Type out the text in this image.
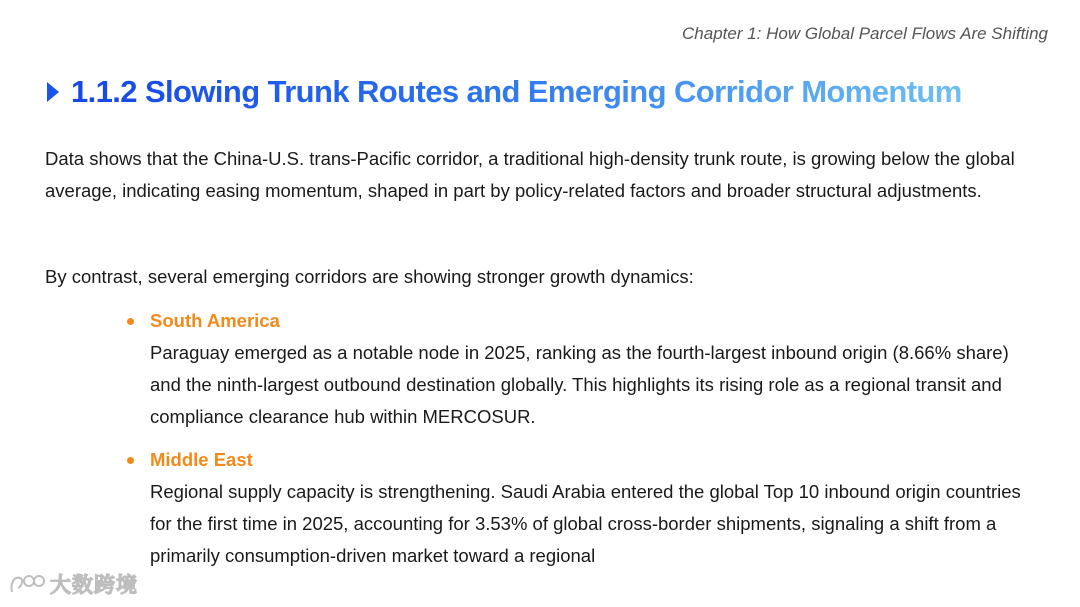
Chapter 1: How Global Parcel Flows Are Shifting
1.1.2 Slowing Trunk Routes and Emerging Corridor Momentum
Data shows that the China-U.S. trans-Pacific corridor, a traditional high-density trunk route, is growing below the global average, indicating easing momentum, shaped in part by policy-related factors and broader structural adjustments.
By contrast, several emerging corridors are showing stronger growth dynamics:
South America
Paraguay emerged as a notable node in 2025, ranking as the fourth-largest inbound origin (8.66% share) and the ninth-largest outbound destination globally. This highlights its rising role as a regional transit and compliance clearance hub within MERCOSUR.
Middle East
Regional supply capacity is strengthening. Saudi Arabia entered the global Top 10 inbound origin countries for the first time in 2025, accounting for 3.53% of global cross-border shipments, signaling a shift from a primarily consumption-driven market toward a regional
大数跨境
